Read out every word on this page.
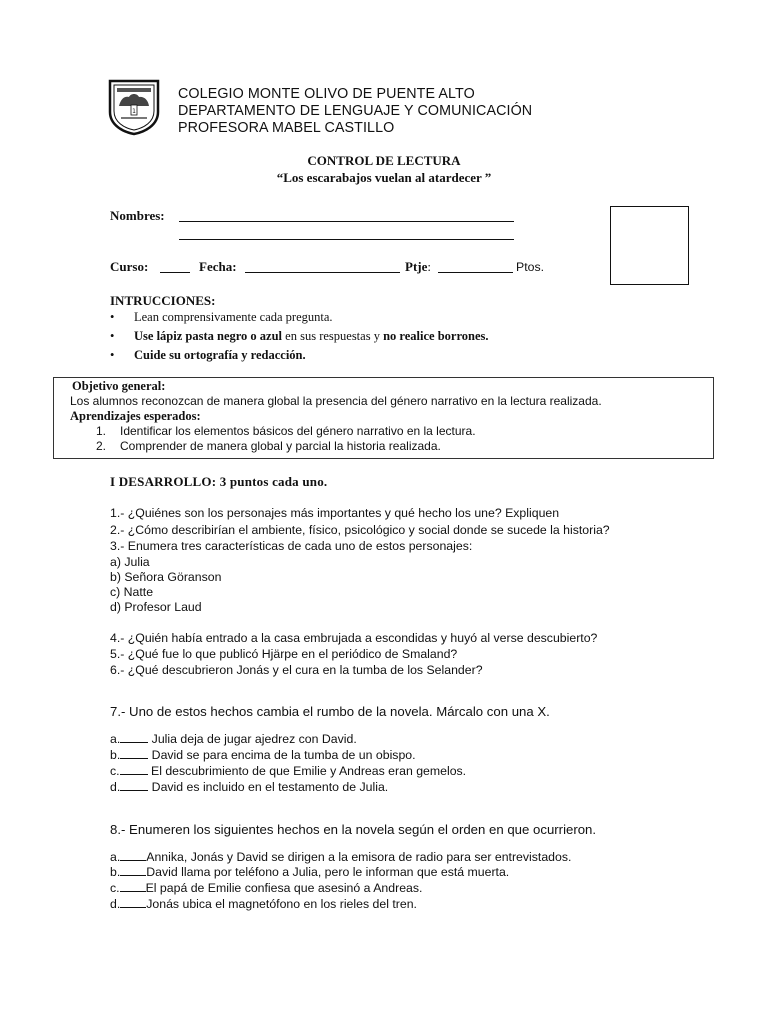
1
COLEGIO MONTE OLIVO DE PUENTE ALTO
DEPARTAMENTO DE LENGUAJE Y COMUNICACIÓN
PROFESORA MABEL CASTILLO
CONTROL DE LECTURA
“Los escarabajos vuelan al atardecer ”
Nombres:
Curso:	Fecha:	Ptje:	Ptos.
INTRUCCIONES:
• Lean comprensivamente cada pregunta.
• Use lápiz pasta negro o azul en sus respuestas y no realice borrones.
• Cuide su ortografía y redacción.
Objetivo general:
Los alumnos reconozcan de manera global la presencia del género narrativo en la lectura realizada.
Aprendizajes esperados:
1. Identificar los elementos básicos del género narrativo en la lectura.
2. Comprender de manera global y parcial la historia realizada.
I DESARROLLO: 3 puntos cada uno.
1.- ¿Quiénes son los personajes más importantes y qué hecho los une? Expliquen
2.- ¿Cómo describirían el ambiente, físico, psicológico y social donde se sucede la historia?
3.- Enumera tres características de cada uno de estos personajes:
a) Julia
b) Señora Göranson
c) Natte
d) Profesor Laud
4.- ¿Quién había entrado a la casa embrujada a escondidas y huyó al verse descubierto?
5.- ¿Qué fue lo que publicó Hjärpe en el periódico de Smaland?
6.- ¿Qué descubrieron Jonás y el cura en la tumba de los Selander?
7.- Uno de estos hechos cambia el rumbo de la novela. Márcalo con una X.
a. Julia deja de jugar ajedrez con David.
b. David se para encima de la tumba de un obispo.
c. El descubrimiento de que Emilie y Andreas eran gemelos.
d. David es incluido en el testamento de Julia.
8.- Enumeren los siguientes hechos en la novela según el orden en que ocurrieron.
a. Annika, Jonás y David se dirigen a la emisora de radio para ser entrevistados.
b. David llama por teléfono a Julia, pero le informan que está muerta.
c. El papá de Emilie confiesa que asesinó a Andreas.
d. Jonás ubica el magnetófono en los rieles del tren.
